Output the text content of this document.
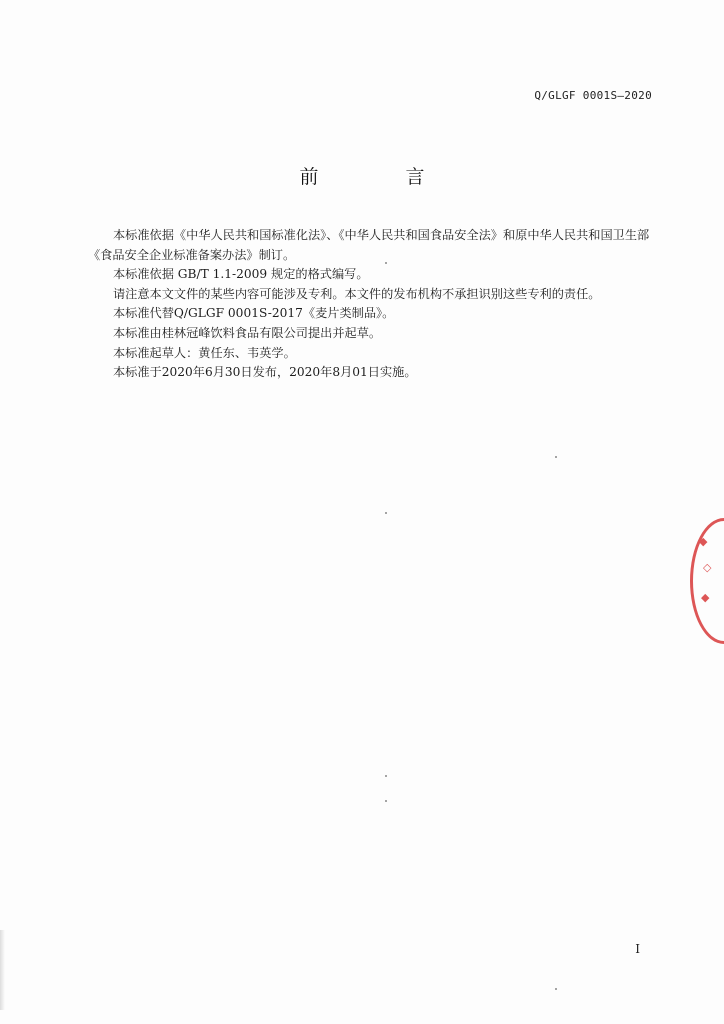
Q/GLGF 0001S—2020
前　言

本标准依据《中华人民共和国标准化法》、《中华人民共和国食品安全法》和原中华人民共和国卫生部《食品安全企业标准备案办法》制订。

本标准依据 GB/T 1.1-2009 规定的格式编写。

请注意本文文件的某些内容可能涉及专利。本文件的发布机构不承担识别这些专利的责任。

本标准代替Q/GLGF 0001S-2017《麦片类制品》。

本标准由桂林冠峰饮料食品有限公司提出并起草。

本标准起草人：黄任东、韦英学。

本标准于2020年6月30日发布，2020年8月01日实施。

◆
◇
◆
I
